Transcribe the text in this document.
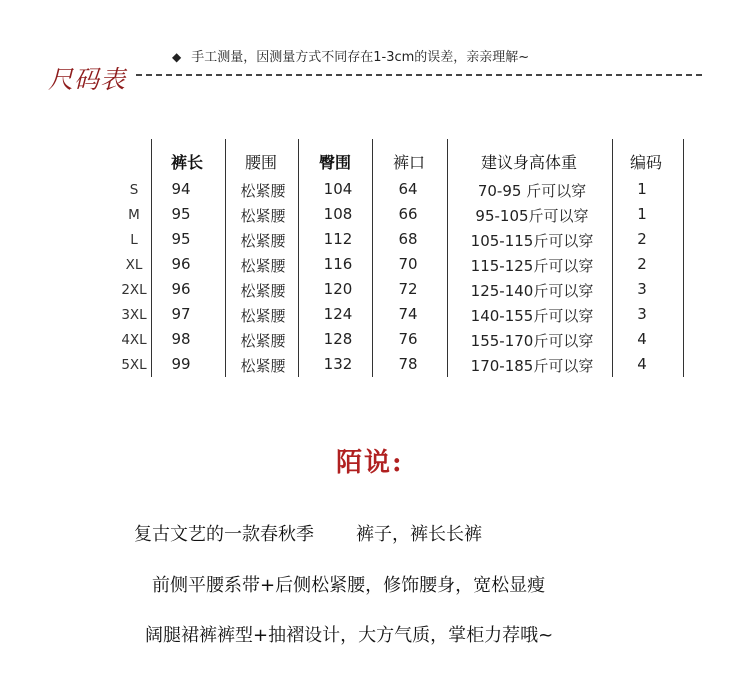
◆ 手工测量，因测量方式不同存在1-3cm的误差，亲亲理解~
尺码表
裤长	腰围	臀围	裤口	建议身高体重	编码
S 94	松紧腰	104	64	70-95 斤可以穿	1
M 95	松紧腰	108	66	95-105斤可以穿	1
L 95	松紧腰	112	68	105-115斤可以穿	2
XL 96	松紧腰	116	70	115-125斤可以穿	2
2XL 96	松紧腰	120	72	125-140斤可以穿	3
3XL 97	松紧腰	124	74	140-155斤可以穿	3
4XL 98	松紧腰	128	76	155-170斤可以穿	4
5XL 99	松紧腰	132	78	170-185斤可以穿	4
陌说:
复古文艺的一款春秋季 裤子，裤长长裤
前侧平腰系带+后侧松紧腰，修饰腰身，宽松显瘦
阔腿裙裤裤型+抽褶设计，大方气质，掌柜力荐哦~
